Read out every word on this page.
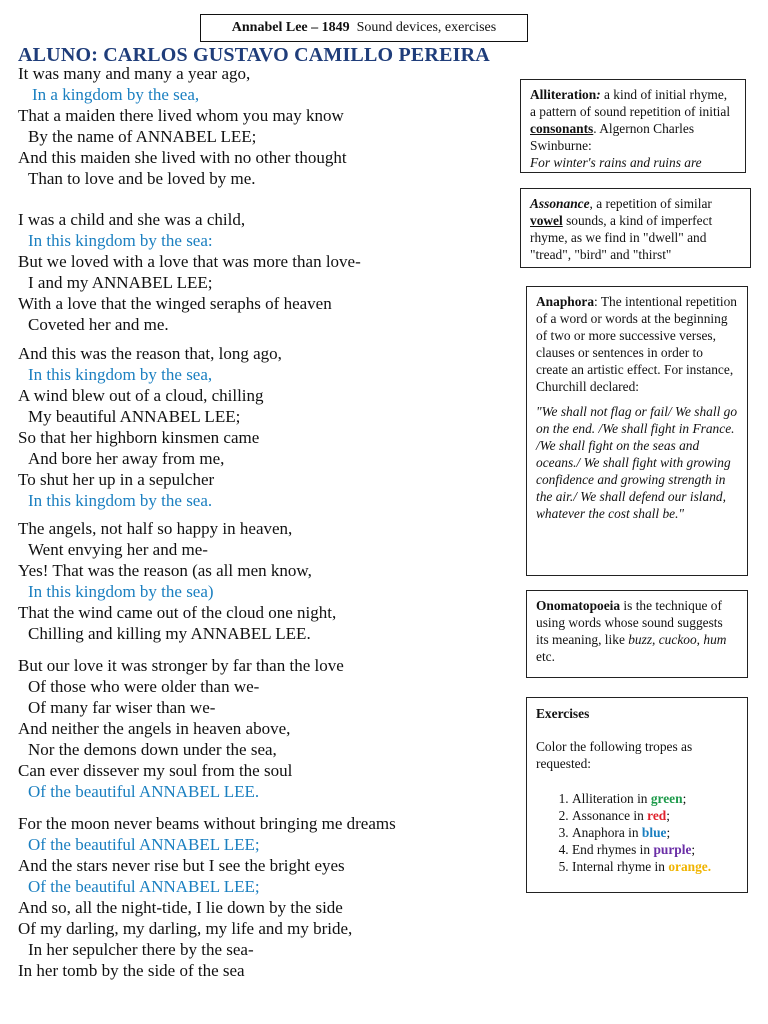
Annabel Lee – 1849 Sound devices, exercises
ALUNO: CARLOS GUSTAVO CAMILLO PEREIRA
It was many and many a year ago,
In a kingdom by the sea,
That a maiden there lived whom you may know
By the name of ANNABEL LEE;
And this maiden she lived with no other thought
Than to love and be loved by me.
I was a child and she was a child,
In this kingdom by the sea:
But we loved with a love that was more than love-
I and my ANNABEL LEE;
With a love that the winged seraphs of heaven
Coveted her and me.
And this was the reason that, long ago,
In this kingdom by the sea,
A wind blew out of a cloud, chilling
My beautiful ANNABEL LEE;
So that her highborn kinsmen came
And bore her away from me,
To shut her up in a sepulcher
In this kingdom by the sea.
The angels, not half so happy in heaven,
Went envying her and me-
Yes! That was the reason (as all men know,
In this kingdom by the sea)
That the wind came out of the cloud one night,
Chilling and killing my ANNABEL LEE.
But our love it was stronger by far than the love
Of those who were older than we-
Of many far wiser than we-
And neither the angels in heaven above,
Nor the demons down under the sea,
Can ever dissever my soul from the soul
Of the beautiful ANNABEL LEE.
For the moon never beams without bringing me dreams
Of the beautiful ANNABEL LEE;
And the stars never rise but I see the bright eyes
Of the beautiful ANNABEL LEE;
And so, all the night-tide, I lie down by the side
Of my darling, my darling, my life and my bride,
In her sepulcher there by the sea-
In her tomb by the side of the sea

Alliteration: a kind of initial rhyme, a pattern of sound repetition of initial consonants. Algernon Charles Swinburne:

For winter's rains and ruins are

Assonance, a repetition of similar vowel sounds, a kind of imperfect rhyme, as we find in "dwell" and "tread", "bird" and "thirst"

Anaphora: The intentional repetition of a word or words at the beginning of two or more successive verses, clauses or sentences in order to create an artistic effect. For instance, Churchill declared:

"We shall not flag or fail/ We shall go on the end. /We shall fight in France. /We shall fight on the seas and oceans./ We shall fight with growing confidence and growing strength in the air./ We shall defend our island, whatever the cost shall be."

Onomatopoeia is the technique of using words whose sound suggests its meaning, like buzz, cuckoo, hum etc.

Exercises

Color the following tropes as requested:

1. Alliteration in green;
2. Assonance in red;
3. Anaphora in blue;
4. End rhymes in purple;
5. Internal rhyme in orange.
